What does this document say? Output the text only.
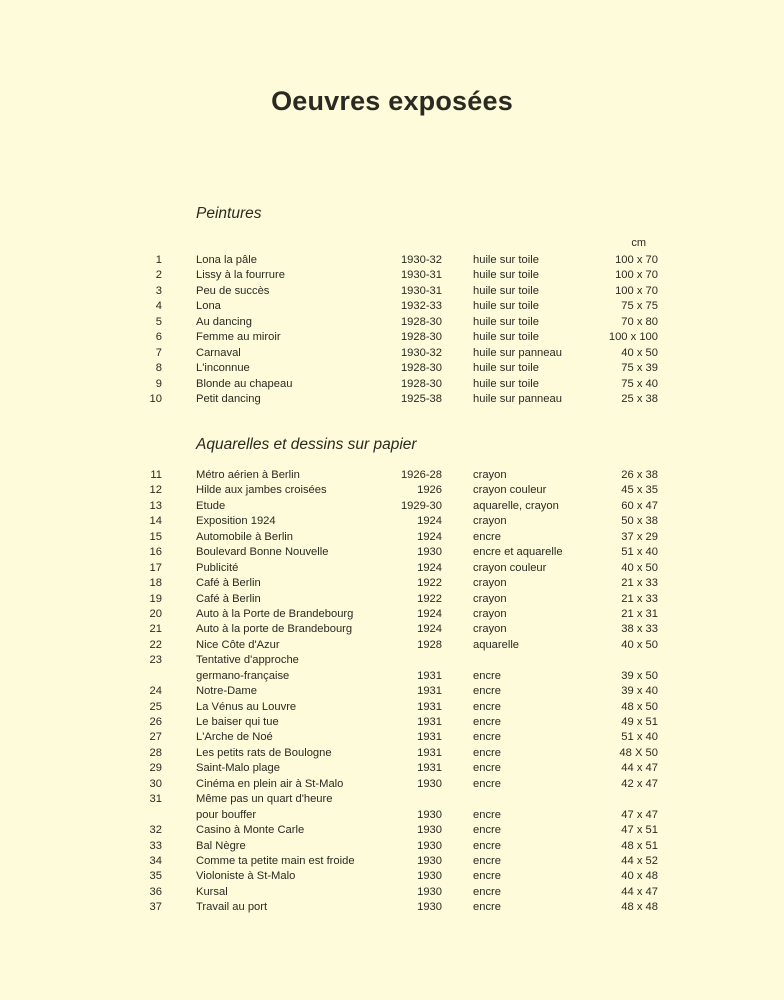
Oeuvres exposées
Peintures
cm
1	Lona la pâle	1930-32	huile sur toile	100 x 70
2	Lissy à la fourrure	1930-31	huile sur toile	100 x 70
3	Peu de succès	1930-31	huile sur toile	100 x 70
4	Lona	1932-33	huile sur toile	75 x 75
5	Au dancing	1928-30	huile sur toile	70 x 80
6	Femme au miroir	1928-30	huile sur toile	100 x 100
7	Carnaval	1930-32	huile sur panneau	40 x 50
8	L'inconnue	1928-30	huile sur toile	75 x 39
9	Blonde au chapeau	1928-30	huile sur toile	75 x 40
10	Petit dancing	1925-38	huile sur panneau	25 x 38
Aquarelles et dessins sur papier
11	Métro aérien à Berlin	1926-28	crayon	26 x 38
12	Hilde aux jambes croisées	1926	crayon couleur	45 x 35
13	Etude	1929-30	aquarelle, crayon	60 x 47
14	Exposition 1924	1924	crayon	50 x 38
15	Automobile à Berlin	1924	encre	37 x 29
16	Boulevard Bonne Nouvelle	1930	encre et aquarelle	51 x 40
17	Publicité	1924	crayon couleur	40 x 50
18	Café à Berlin	1922	crayon	21 x 33
19	Café à Berlin	1922	crayon	21 x 33
20	Auto à la Porte de Brandebourg	1924	crayon	21 x 31
21	Auto à la porte de Brandebourg	1924	crayon	38 x 33
22	Nice Côte d'Azur	1928	aquarelle	40 x 50
23	Tentative d'approche
germano-française	1931	encre	39 x 50
24	Notre-Dame	1931	encre	39 x 40
25	La Vénus au Louvre	1931	encre	48 x 50
26	Le baiser qui tue	1931	encre	49 x 51
27	L'Arche de Noé	1931	encre	51 x 40
28	Les petits rats de Boulogne	1931	encre	48 X 50
29	Saint-Malo plage	1931	encre	44 x 47
30	Cinéma en plein air à St-Malo	1930	encre	42 x 47
31	Même pas un quart d'heure
pour bouffer	1930	encre	47 x 47
32	Casino à Monte Carle	1930	encre	47 x 51
33	Bal Nègre	1930	encre	48 x 51
34	Comme ta petite main est froide	1930	encre	44 x 52
35	Violoniste à St-Malo	1930	encre	40 x 48
36	Kursal	1930	encre	44 x 47
37	Travail au port	1930	encre	48 x 48
